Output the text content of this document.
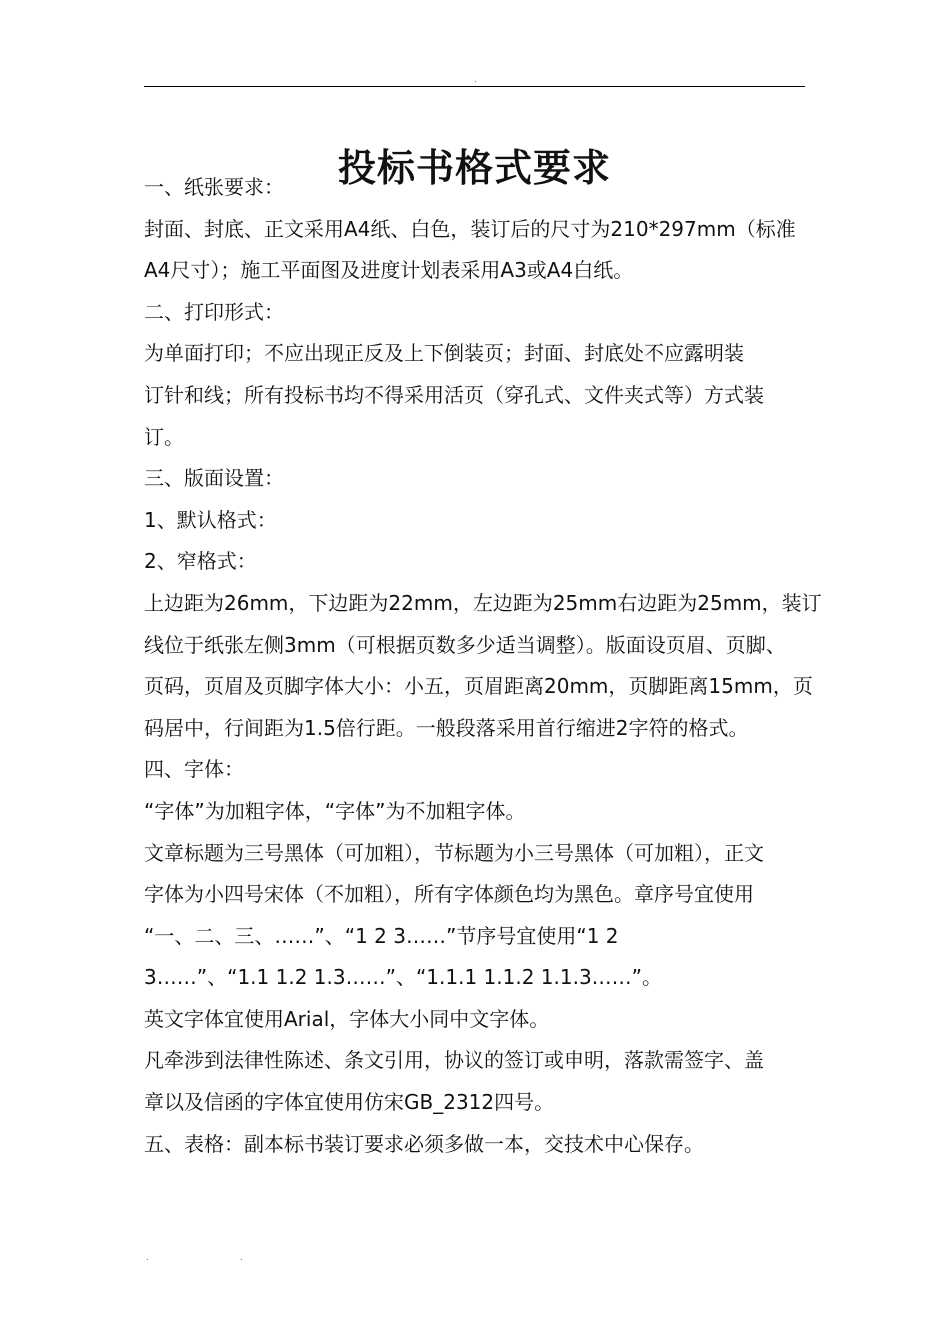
.
投标书格式要求

一、纸张要求：

封面、封底、正文采用A4纸、白色，装订后的尺寸为210*297mm（标准

A4尺寸）；施工平面图及进度计划表采用A3或A4白纸。

二、打印形式：

为单面打印；不应出现正反及上下倒装页；封面、封底处不应露明装

订针和线；所有投标书均不得采用活页（穿孔式、文件夹式等）方式装

订。

三、版面设置：

1、默认格式：

2、窄格式：

上边距为26mm，下边距为22mm，左边距为25mm右边距为25mm，装订

线位于纸张左侧3mm（可根据页数多少适当调整）。版面设页眉、页脚、

页码，页眉及页脚字体大小：小五，页眉距离20mm，页脚距离15mm，页

码居中，行间距为1.5倍行距。一般段落采用首行缩进2字符的格式。

四、字体：

“字体”为加粗字体，“字体”为不加粗字体。

文章标题为三号黑体（可加粗），节标题为小三号黑体（可加粗），正文

字体为小四号宋体（不加粗），所有字体颜色均为黑色。章序号宜使用

“一、二、三、……”、“1 2 3……”节序号宜使用“1 2

3……”、“1.1 1.2 1.3……”、“1.1.1 1.1.2 1.1.3……”。

英文字体宜使用Arial，字体大小同中文字体。

凡牵涉到法律性陈述、条文引用，协议的签订或申明，落款需签字、盖

章以及信函的字体宜使用仿宋GB_2312四号。

五、表格：副本标书装订要求必须多做一本，交技术中心保存。

.	.
